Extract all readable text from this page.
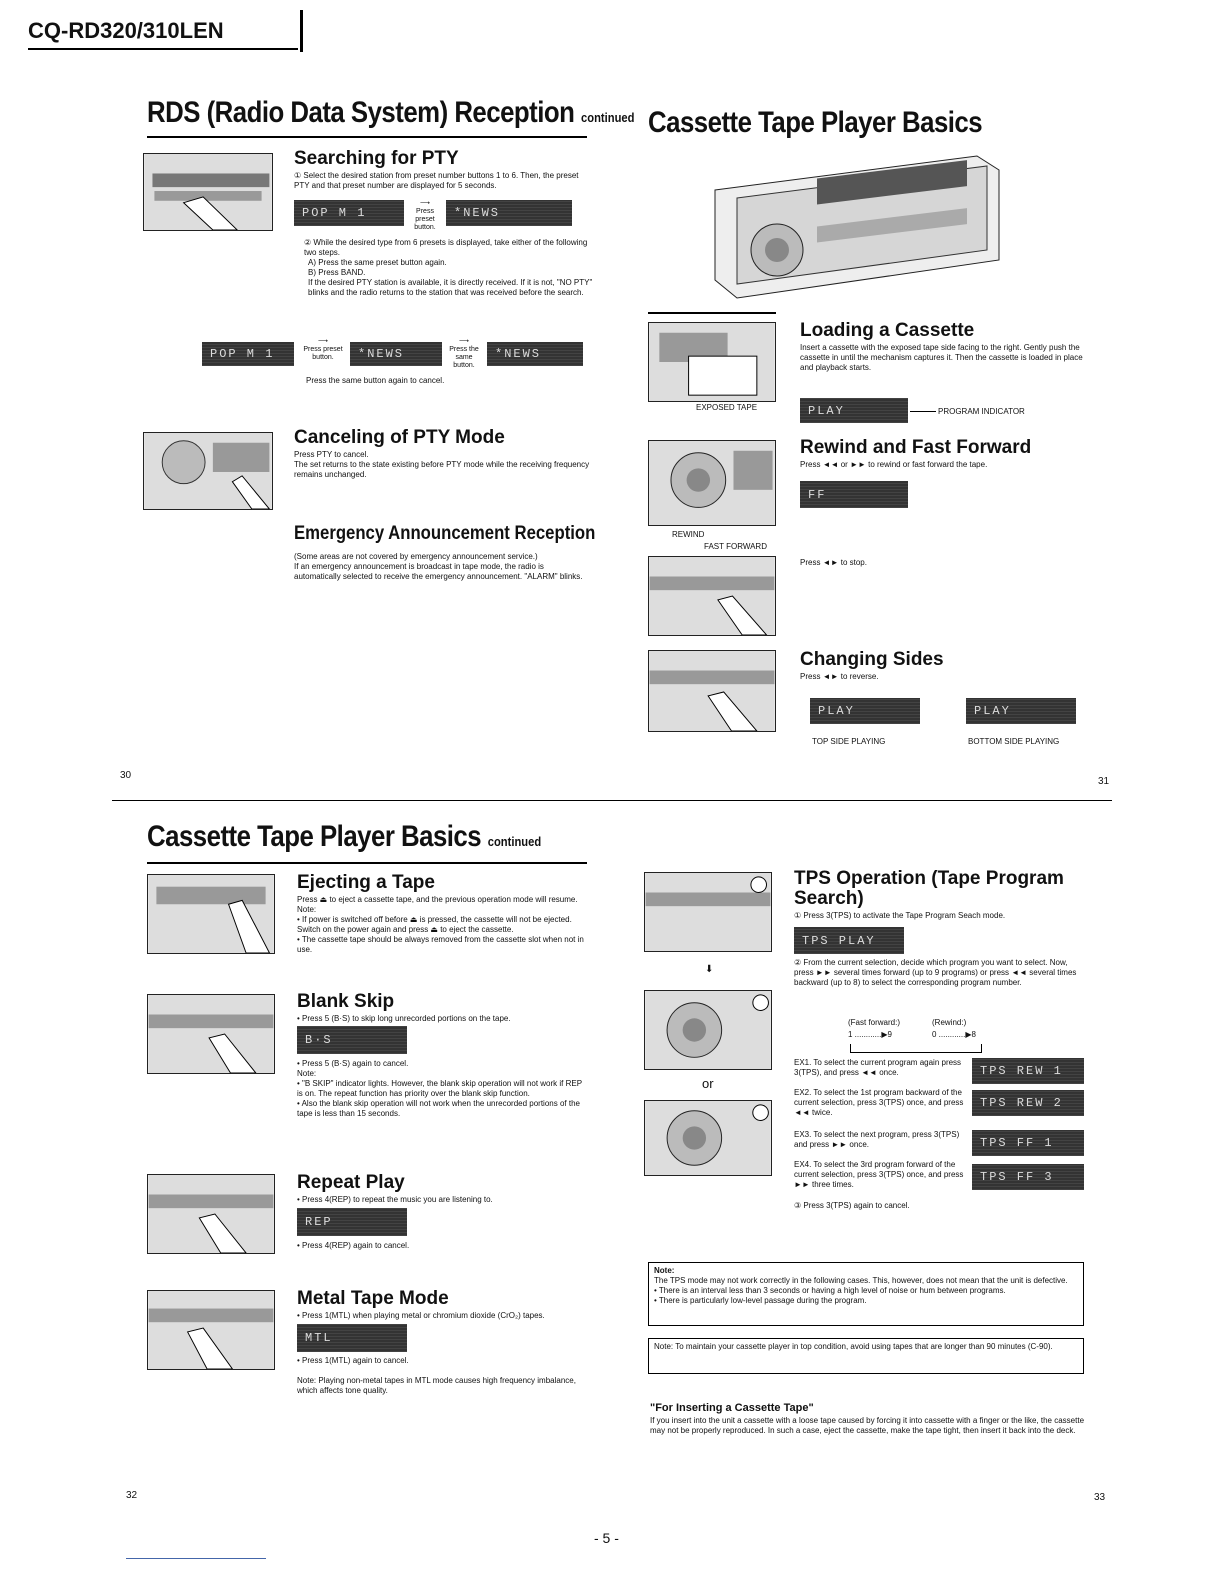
CQ-RD320/310LEN
RDS (Radio Data System) Reception continued
Searching for PTY
① Select the desired station from preset number buttons 1 to 6. Then, the preset PTY and that preset number are displayed for 5 seconds.
POP M 1
⟶
Press preset button.
*NEWS

② While the desired type from 6 presets is displayed, take either of the following two steps.

A) Press the same preset button again.

B) Press BAND.

If the desired PTY station is available, it is directly received. If it is not, "NO PTY" blinks and the radio returns to the station that was received before the search.

POP M 1
⟶
Press preset button.	*NEWS
⟶
Press the same button.
*NEWS
Press the same button again to cancel.
Canceling of PTY Mode

Press PTY to cancel.

The set returns to the state existing before PTY mode while the receiving frequency remains unchanged.

Emergency Announcement Reception

(Some areas are not covered by emergency announcement service.)

If an emergency announcement is broadcast in tape mode, the radio is automatically selected to receive the emergency announcement. "ALARM" blinks.

30
Cassette Tape Player Basics
EXPOSED TAPE
Loading a Cassette
Insert a cassette with the exposed tape side facing to the right. Gently push the cassette in until the mechanism captures it. Then the cassette is loaded in place and playback starts.
PLAY	PROGRAM INDICATOR
REWIND
FAST FORWARD
Rewind and Fast Forward
Press ◄◄ or ►► to rewind or fast forward the tape.
FF
Press ◄► to stop.
Changing Sides
Press ◄► to reverse.
PLAY	PLAY
TOP SIDE PLAYING	BOTTOM SIDE PLAYING
31
Cassette Tape Player Basics continued
Ejecting a Tape

Press ⏏ to eject a cassette tape, and the previous operation mode will resume.

Note:

• If power is switched off before ⏏ is pressed, the cassette will not be ejected. Switch on the power again and press ⏏ to eject the cassette.

• The cassette tape should be always removed from the cassette slot when not in use.

Blank Skip
• Press 5 (B·S) to skip long unrecorded portions on the tape.
B·S

• Press 5 (B·S) again to cancel.

Note:

• "B SKIP" indicator lights. However, the blank skip operation will not work if REP is on. The repeat function has priority over the blank skip function.

• Also the blank skip operation will not work when the unrecorded portions of the tape is less than 15 seconds.

Repeat Play
• Press 4(REP) to repeat the music you are listening to.
REP
• Press 4(REP) again to cancel.
Metal Tape Mode
• Press 1(MTL) when playing metal or chromium dioxide (CrO₂) tapes.
MTL
• Press 1(MTL) again to cancel.
Note: Playing non-metal tapes in MTL mode causes high frequency imbalance, which affects tone quality.
32
⬇
or
TPS Operation (Tape Program Search)
① Press 3(TPS) to activate the Tape Program Seach mode.
TPS PLAY
② From the current selection, decide which program you want to select. Now, press ►► several times forward (up to 9 programs) or press ◄◄ several times backward (up to 8) to select the corresponding program number.
(Fast forward:)	(Rewind:)
1 ............▶9	0 ............▶8
EX1. To select the current program again press 3(TPS), and press ◄◄ once.	TPS REW 1
EX2. To select the 1st program backward of the current selection, press 3(TPS) once, and press ◄◄ twice.
TPS REW 2
EX3. To select the next program, press 3(TPS) and press ►► once.	TPS FF 1
EX4. To select the 3rd program forward of the current selection, press 3(TPS) once, and press ►► three times.
TPS FF 3
③ Press 3(TPS) again to cancel.

Note:

The TPS mode may not work correctly in the following cases. This, however, does not mean that the unit is defective.

• There is an interval less than 3 seconds or having a high level of noise or hum between programs.

• There is particularly low-level passage during the program.

Note: To maintain your cassette player in top condition, avoid using tapes that are longer than 90 minutes (C-90).

"For Inserting a Cassette Tape"
If you insert into the unit a cassette with a loose tape caused by forcing it into cassette with a finger or the like, the cassette may not be properly reproduced. In such a case, eject the cassette, make the tape tight, then insert it back into the deck.
33
- 5 -
